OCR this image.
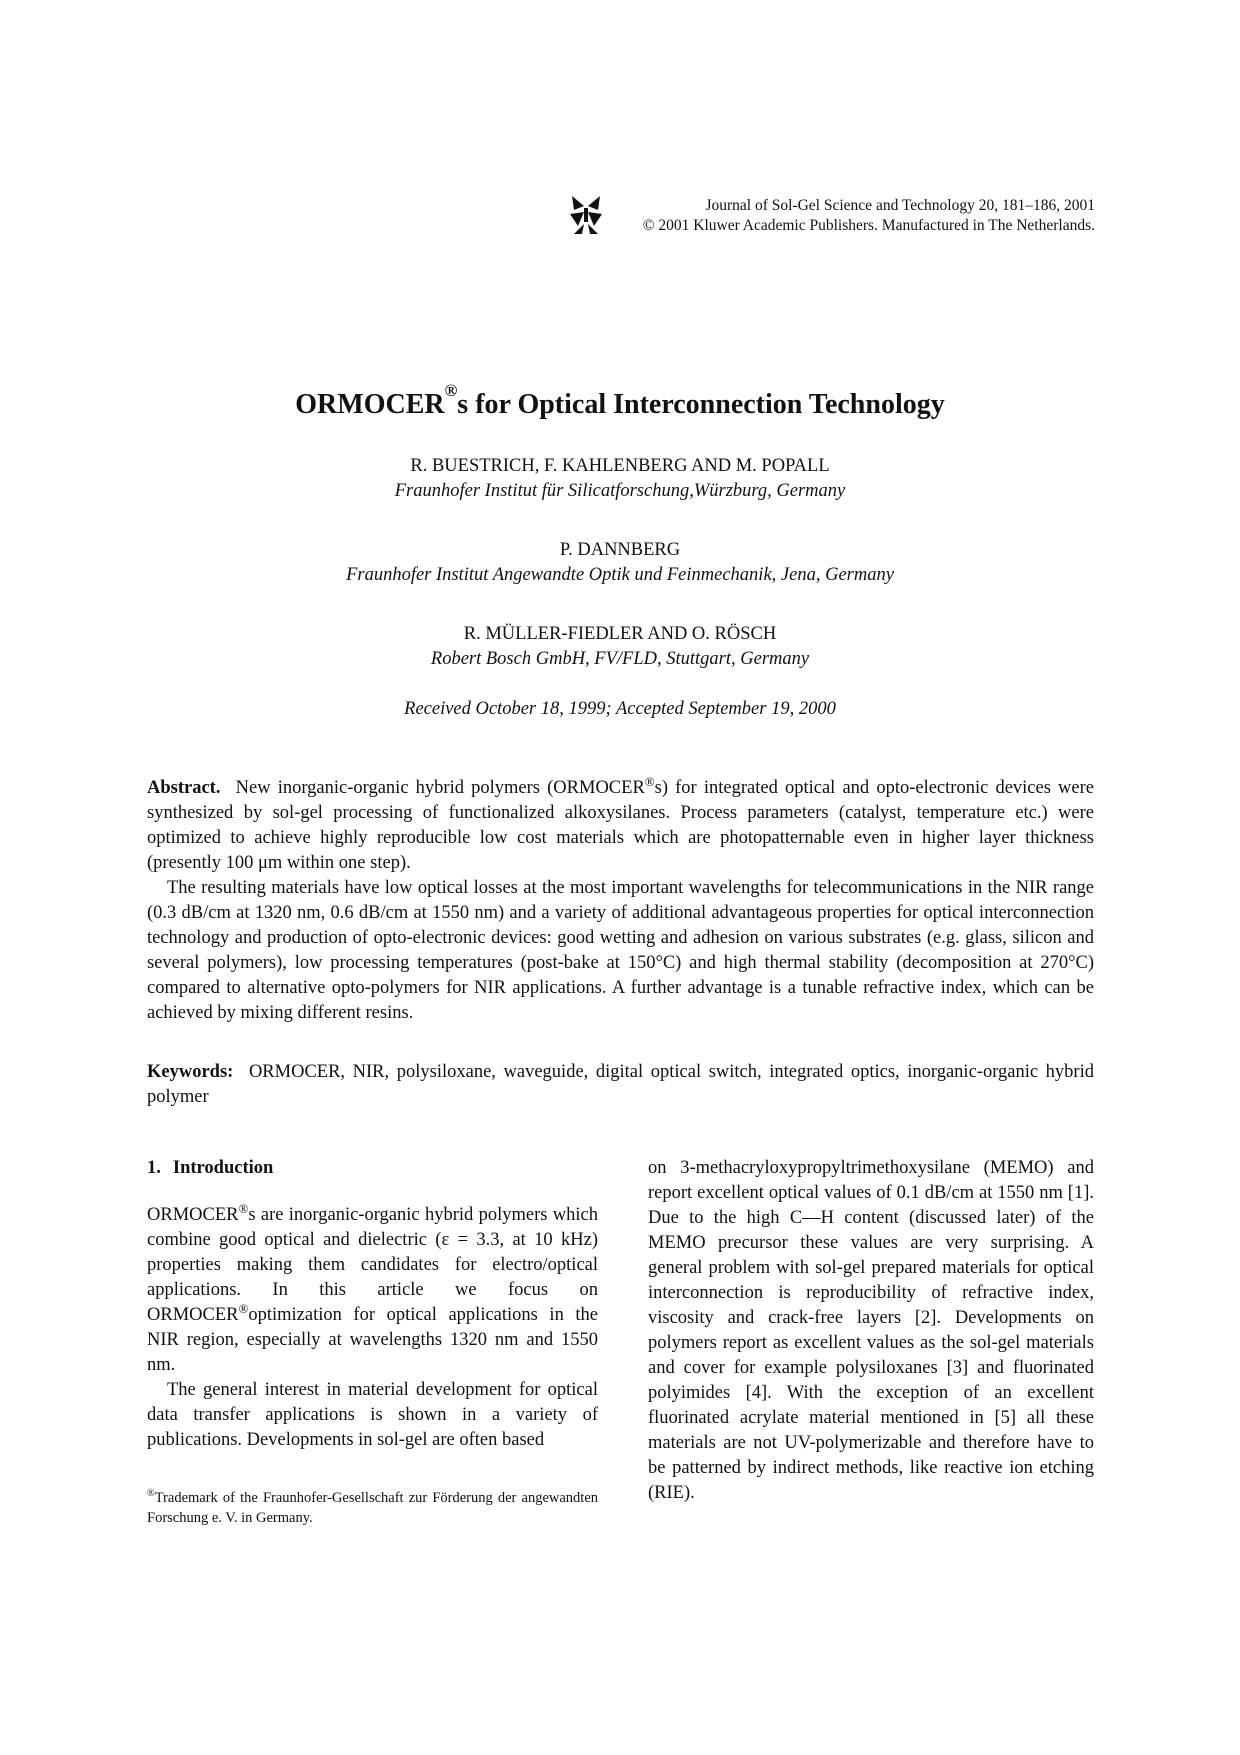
Journal of Sol-Gel Science and Technology 20, 181–186, 2001
© 2001 Kluwer Academic Publishers. Manufactured in The Netherlands.
ORMOCER®s for Optical Interconnection Technology
R. BUESTRICH, F. KAHLENBERG AND M. POPALL
Fraunhofer Institut für Silicatforschung,Würzburg, Germany
P. DANNBERG
Fraunhofer Institut Angewandte Optik und Feinmechanik, Jena, Germany
R. MÜLLER-FIEDLER AND O. RÖSCH
Robert Bosch GmbH, FV/FLD, Stuttgart, Germany
Received October 18, 1999; Accepted September 19, 2000

Abstract. New inorganic-organic hybrid polymers (ORMOCER®s) for integrated optical and opto-electronic devices were synthesized by sol-gel processing of functionalized alkoxysilanes. Process parameters (catalyst, temperature etc.) were optimized to achieve highly reproducible low cost materials which are photopatternable even in higher layer thickness (presently 100 μm within one step).

The resulting materials have low optical losses at the most important wavelengths for telecommunications in the NIR range (0.3 dB/cm at 1320 nm, 0.6 dB/cm at 1550 nm) and a variety of additional advantageous properties for optical interconnection technology and production of opto-electronic devices: good wetting and adhesion on various substrates (e.g. glass, silicon and several polymers), low processing temperatures (post-bake at 150°C) and high thermal stability (decomposition at 270°C) compared to alternative opto-polymers for NIR applications. A further advantage is a tunable refractive index, which can be achieved by mixing different resins.

Keywords: ORMOCER, NIR, polysiloxane, waveguide, digital optical switch, integrated optics, inorganic-organic hybrid polymer
1. Introduction

ORMOCER®s are inorganic-organic hybrid polymers which combine good optical and dielectric (ε = 3.3, at 10 kHz) properties making them candidates for electro/optical applications. In this article we focus on ORMOCER®optimization for optical applications in the NIR region, especially at wavelengths 1320 nm and 1550 nm.

The general interest in material development for optical data transfer applications is shown in a variety of publications. Developments in sol-gel are often based

®Trademark of the Fraunhofer-Gesellschaft zur Förderung der angewandten Forschung e. V. in Germany.

on 3-methacryloxypropyltrimethoxysilane (MEMO) and report excellent optical values of 0.1 dB/cm at 1550 nm [1]. Due to the high C—H content (discussed later) of the MEMO precursor these values are very surprising. A general problem with sol-gel prepared materials for optical interconnection is reproducibility of refractive index, viscosity and crack-free layers [2]. Developments on polymers report as excellent values as the sol-gel materials and cover for example polysiloxanes [3] and fluorinated polyimides [4]. With the exception of an excellent fluorinated acrylate material mentioned in [5] all these materials are not UV-polymerizable and therefore have to be patterned by indirect methods, like reactive ion etching (RIE).
